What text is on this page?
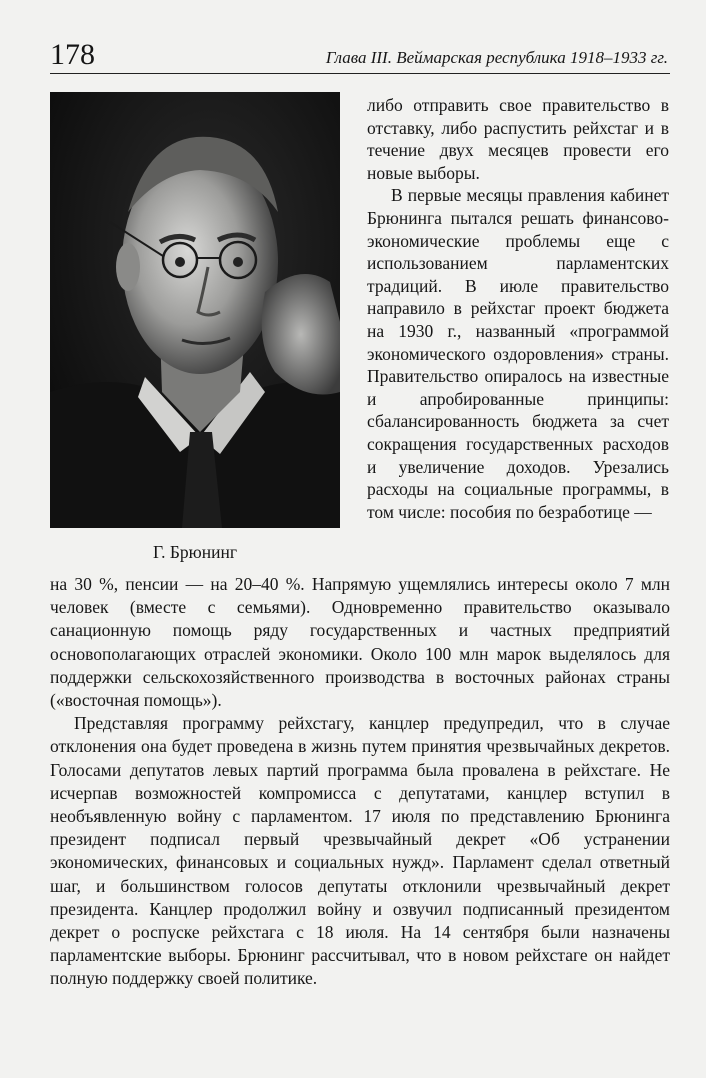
178	Глава III. Веймарская республика 1918–1933 гг.
Г. Брюнинг

либо отправить свое правительство в отставку, либо распустить рейхстаг и в течение двух месяцев провести его новые выборы.

В первые месяцы правления кабинет Брюнинга пытался решать финансово-экономические проблемы еще с использованием парламентских традиций. В июле правительство направило в рейхстаг проект бюджета на 1930 г., названный «программой экономического оздоровления» страны. Правительство опиралось на известные и апробированные принципы: сбалансированность бюджета за счет сокращения государственных расходов и увеличение доходов. Урезались расходы на социальные программы, в том числе: пособия по безработице —

на 30 %, пенсии — на 20–40 %. Напрямую ущемлялись интересы около 7 млн человек (вместе с семьями). Одновременно правительство оказывало санационную помощь ряду государственных и частных предприятий основополагающих отраслей экономики. Около 100 млн марок выделялось для поддержки сельскохозяйственного производства в восточных районах страны («восточная помощь»).

Представляя программу рейхстагу, канцлер предупредил, что в случае отклонения она будет проведена в жизнь путем принятия чрезвычайных декретов. Голосами депутатов левых партий программа была провалена в рейхстаге. Не исчерпав возможностей компромисса с депутатами, канцлер вступил в необъявленную войну с парламентом. 17 июля по представлению Брюнинга президент подписал первый чрезвычайный декрет «Об устранении экономических, финансовых и социальных нужд». Парламент сделал ответный шаг, и большинством голосов депутаты отклонили чрезвычайный декрет президента. Канцлер продолжил войну и озвучил подписанный президентом декрет о роспуске рейхстага с 18 июля. На 14 сентября были назначены парламентские выборы. Брюнинг рассчитывал, что в новом рейхстаге он найдет полную поддержку своей политике.
